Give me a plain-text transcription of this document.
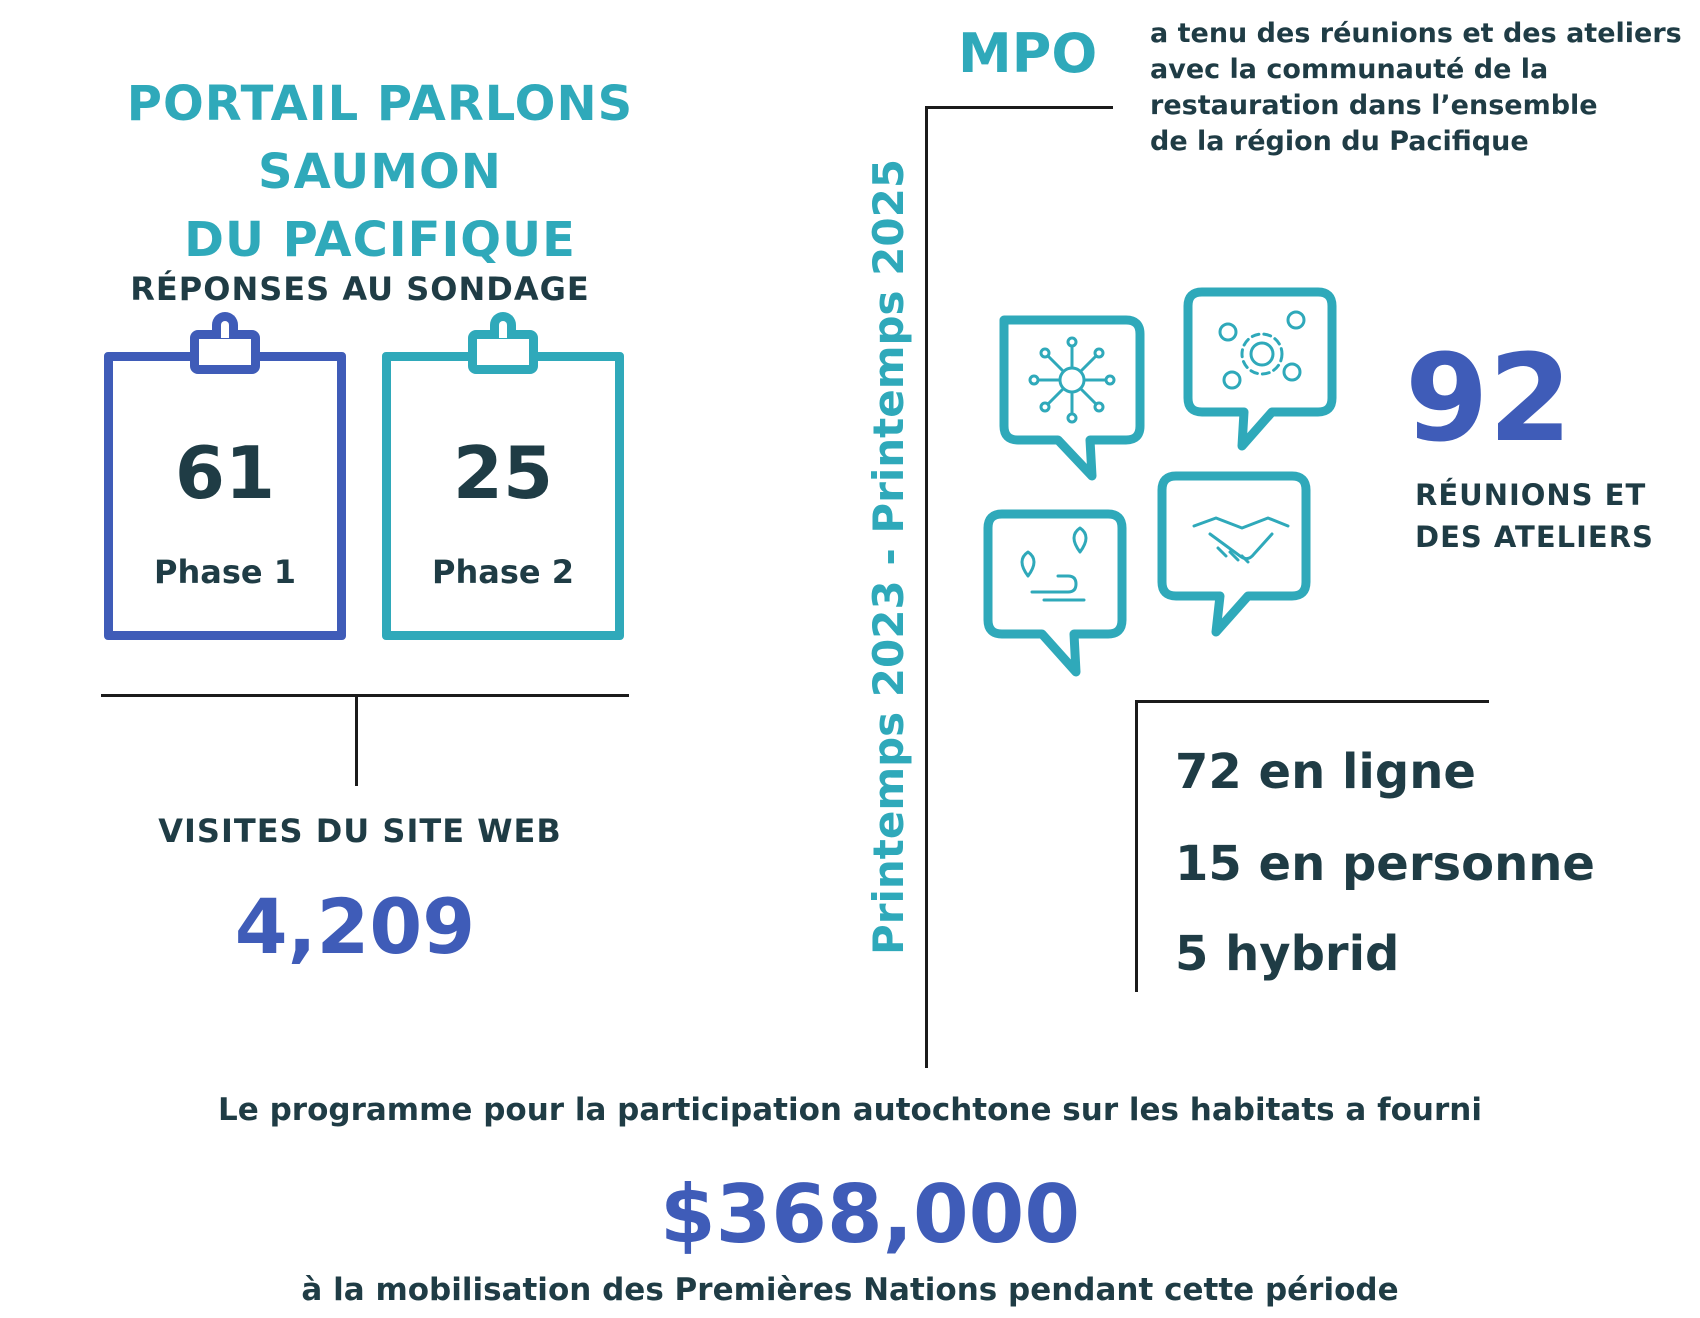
PORTAIL PARLONS SAUMON
DU PACIFIQUE
RÉPONSES AU SONDAGE
61
Phase 1
25
Phase 2
VISITES DU SITE WEB
4,209	Printemps 2023 - Printemps 2025
MPO a tenu des réunions et des ateliers
avec la communauté de la
restauration dans l’ensemble
de la région du Pacifique
92
RÉUNIONS ET
DES ATELIERS
72 en ligne
15 en personne
5 hybrid
Le programme pour la participation autochtone sur les habitats a fourni
$368,000
à la mobilisation des Premières Nations pendant cette période
